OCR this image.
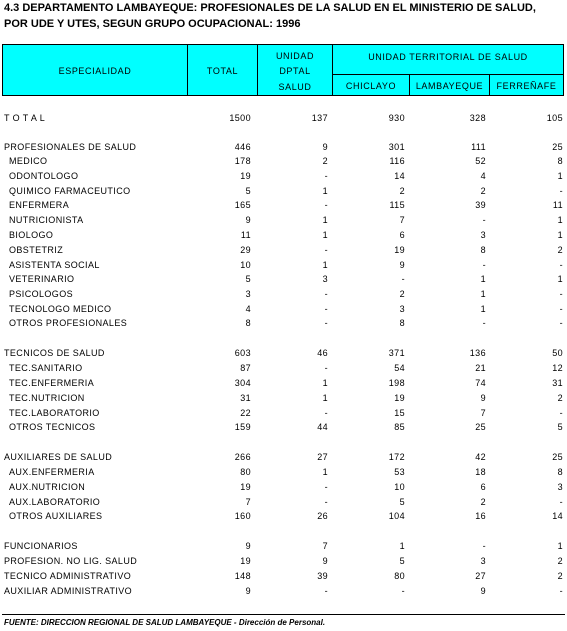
4.3 DEPARTAMENTO LAMBAYEQUE: PROFESIONALES DE LA SALUD EN EL MINISTERIO DE SALUD,
POR UDE Y UTES, SEGUN GRUPO OCUPACIONAL: 1996
ESPECIALIDAD	TOTAL
UNIDAD
DPTAL
SALUD
UNIDAD TERRITORIAL DE SALUD
CHICLAYO	LAMBAYEQUE	FERREÑAFE
T O T A L	1500	137	930	328	105
PROFESIONALES DE SALUD	446	9	301	111	25
MEDICO	178	2	116	52	8
ODONTOLOGO	19	-	14	4	1
QUIMICO FARMACEUTICO	5	1	2	2	-
ENFERMERA	165	-	115	39	11
NUTRICIONISTA	9	1	7	-	1
BIOLOGO	11	1	6	3	1
OBSTETRIZ	29	-	19	8	2
ASISTENTA SOCIAL	10	1	9	-	-
VETERINARIO	5	3	-	1	1
PSICOLOGOS	3	-	2	1	-
TECNOLOGO MEDICO	4	-	3	1	-
OTROS PROFESIONALES	8	-	8	-	-
TECNICOS DE SALUD	603	46	371	136	50
TEC.SANITARIO	87	-	54	21	12
TEC.ENFERMERIA	304	1	198	74	31
TEC.NUTRICION	31	1	19	9	2
TEC.LABORATORIO	22	-	15	7	-
OTROS TECNICOS	159	44	85	25	5
AUXILIARES DE SALUD	266	27	172	42	25
AUX.ENFERMERIA	80	1	53	18	8
AUX.NUTRICION	19	-	10	6	3
AUX.LABORATORIO	7	-	5	2	-
OTROS AUXILIARES	160	26	104	16	14
FUNCIONARIOS	9	7	1	-	1
PROFESION. NO LIG. SALUD	19	9	5	3	2
TECNICO ADMINISTRATIVO	148	39	80	27	2
AUXILIAR ADMINISTRATIVO	9	-	-	9	-
FUENTE: DIRECCION REGIONAL DE SALUD LAMBAYEQUE - Dirección de Personal.
